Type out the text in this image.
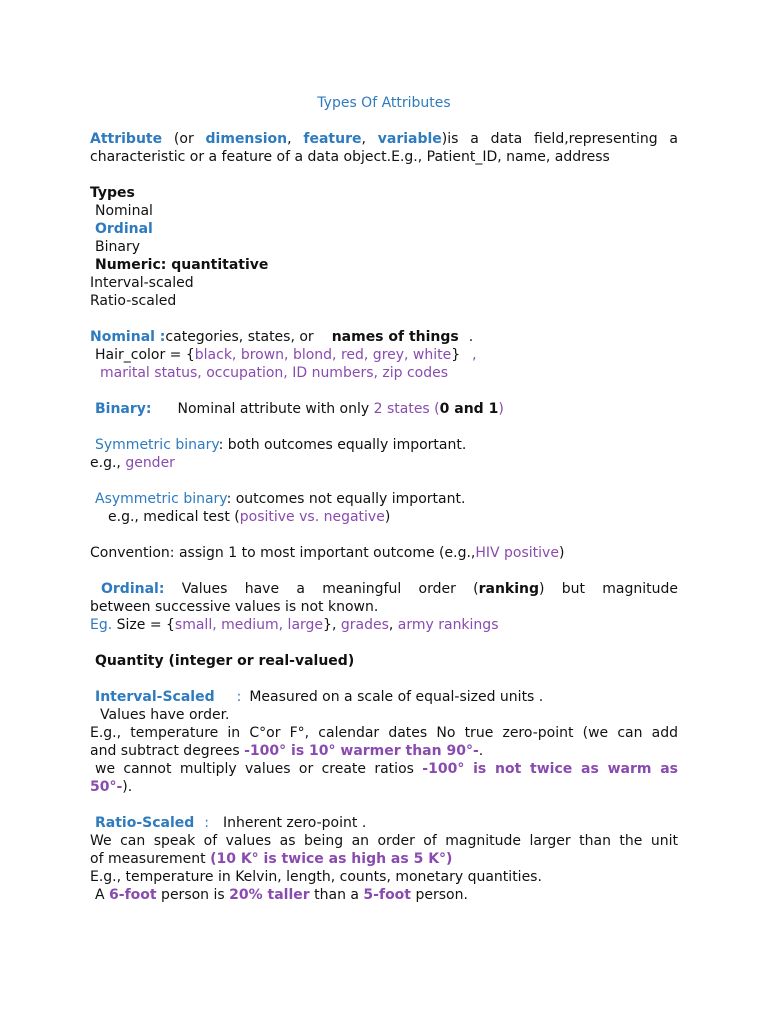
Types Of Attributes
Attribute (or dimension, feature, variable)is a data field,representing a
characteristic or a feature of a data object.E.g., Patient_ID, name, address
Types
Nominal
Ordinal
Binary
Numeric: quantitative
Interval-scaled
Ratio-scaled
Nominal :categories, states, or names of things .
Hair_color = {black, brown, blond, red, grey, white} ,
marital status, occupation, ID numbers, zip codes
Binary: Nominal attribute with only 2 states (0 and 1)
Symmetric binary: both outcomes equally important.
e.g., gender
Asymmetric binary: outcomes not equally important.
e.g., medical test (positive vs. negative)
Convention: assign 1 to most important outcome (e.g.,HIV positive)
Ordinal: Values have a meaningful order (ranking) but magnitude
between successive values is not known.
Eg. Size = {small, medium, large}, grades, army rankings
Quantity (integer or real-valued)
Interval-Scaled : Measured on a scale of equal-sized units .
Values have order.
E.g., temperature in C°or F°, calendar dates No true zero-point (we can add
and subtract degrees -100° is 10° warmer than 90°-.
we cannot multiply values or create ratios -100° is not twice as warm as
50°-).
Ratio-Scaled : Inherent zero-point .
We can speak of values as being an order of magnitude larger than the unit
of measurement (10 K° is twice as high as 5 K°)
E.g., temperature in Kelvin, length, counts, monetary quantities.
A 6-foot person is 20% taller than a 5-foot person.
